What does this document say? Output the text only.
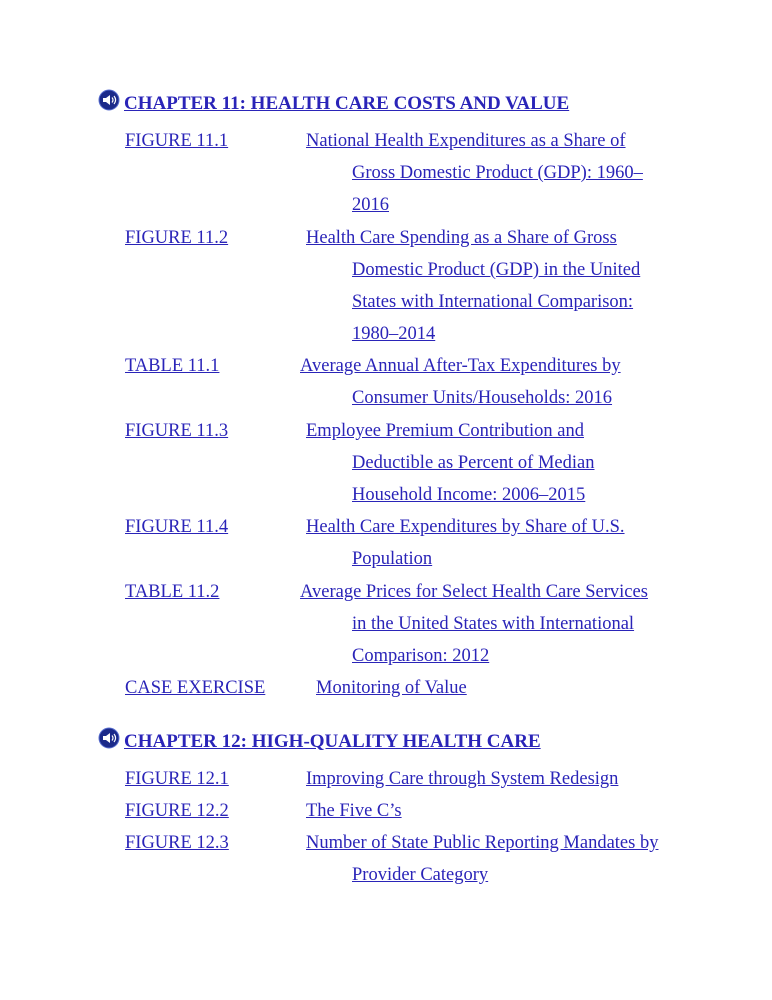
CHAPTER 11: HEALTH CARE COSTS AND VALUE
FIGURE 11.1	National Health Expenditures as a Share of
Gross Domestic Product (GDP): 1960–
2016
FIGURE 11.2	Health Care Spending as a Share of Gross
Domestic Product (GDP) in the United
States with International Comparison:
1980–2014
TABLE 11.1	Average Annual After-Tax Expenditures by
Consumer Units/Households: 2016
FIGURE 11.3	Employee Premium Contribution and
Deductible as Percent of Median
Household Income: 2006–2015
FIGURE 11.4	Health Care Expenditures by Share of U.S.
Population
TABLE 11.2	Average Prices for Select Health Care Services
in the United States with International
Comparison: 2012
CASE EXERCISE	Monitoring of Value
CHAPTER 12: HIGH-QUALITY HEALTH CARE
FIGURE 12.1	Improving Care through System Redesign
FIGURE 12.2	The Five C’s
FIGURE 12.3	Number of State Public Reporting Mandates by
Provider Category
